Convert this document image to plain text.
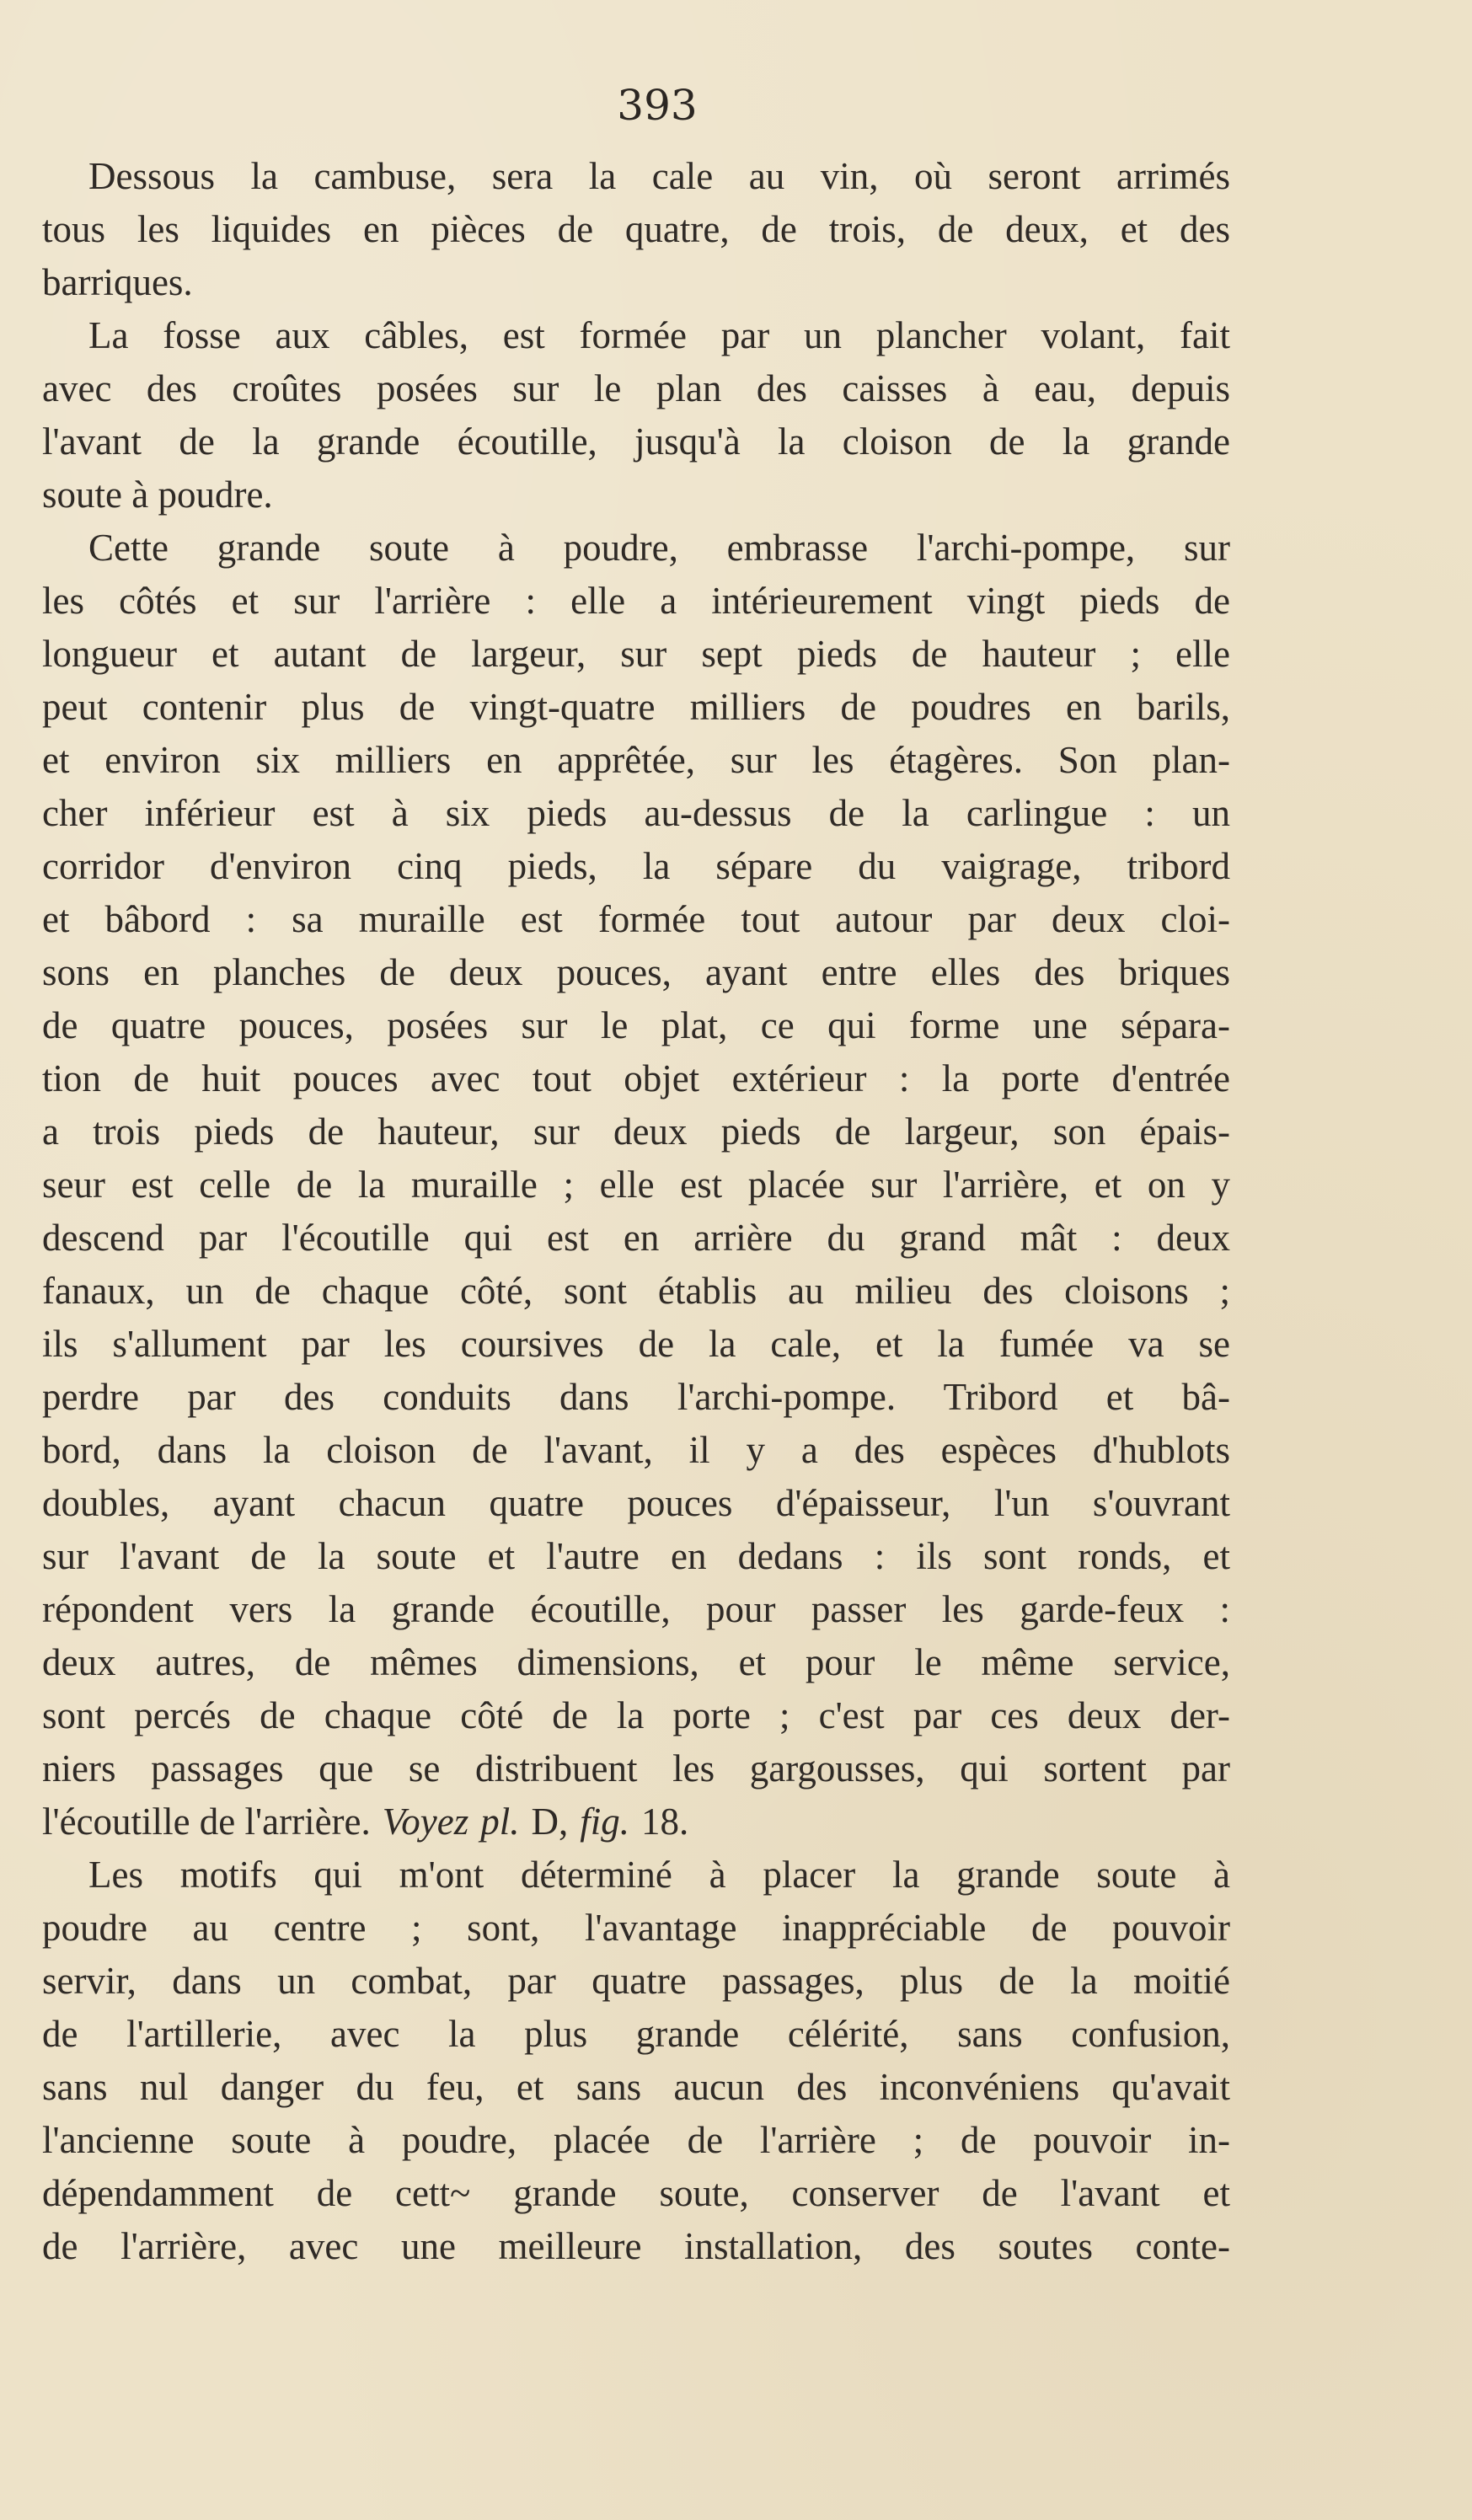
393
Dessous la cambuse, sera la cale au vin, où seront arrimés
tous les liquides en pièces de quatre, de trois, de deux, et des
barriques.
La fosse aux câbles, est formée par un plancher volant, fait
avec des croûtes posées sur le plan des caisses à eau, depuis
l'avant de la grande écoutille, jusqu'à la cloison de la grande
soute à poudre.
Cette grande soute à poudre, embrasse l'archi-pompe, sur
les côtés et sur l'arrière : elle a intérieurement vingt pieds de
longueur et autant de largeur, sur sept pieds de hauteur ; elle
peut contenir plus de vingt-quatre milliers de poudres en barils,
et environ six milliers en apprêtée, sur les étagères. Son plan-
cher inférieur est à six pieds au-dessus de la carlingue : un
corridor d'environ cinq pieds, la sépare du vaigrage, tribord
et bâbord : sa muraille est formée tout autour par deux cloi-
sons en planches de deux pouces, ayant entre elles des briques
de quatre pouces, posées sur le plat, ce qui forme une sépara-
tion de huit pouces avec tout objet extérieur : la porte d'entrée
a trois pieds de hauteur, sur deux pieds de largeur, son épais-
seur est celle de la muraille ; elle est placée sur l'arrière, et on y
descend par l'écoutille qui est en arrière du grand mât : deux
fanaux, un de chaque côté, sont établis au milieu des cloisons ;
ils s'allument par les coursives de la cale, et la fumée va se
perdre par des conduits dans l'archi-pompe. Tribord et bâ-
bord, dans la cloison de l'avant, il y a des espèces d'hublots
doubles, ayant chacun quatre pouces d'épaisseur, l'un s'ouvrant
sur l'avant de la soute et l'autre en dedans : ils sont ronds, et
répondent vers la grande écoutille, pour passer les garde-feux :
deux autres, de mêmes dimensions, et pour le même service,
sont percés de chaque côté de la porte ; c'est par ces deux der-
niers passages que se distribuent les gargousses, qui sortent par
l'écoutille de l'arrière. Voyez pl. D, fig. 18.
Les motifs qui m'ont déterminé à placer la grande soute à
poudre au centre ; sont, l'avantage inappréciable de pouvoir
servir, dans un combat, par quatre passages, plus de la moitié
de l'artillerie, avec la plus grande célérité, sans confusion,
sans nul danger du feu, et sans aucun des inconvéniens qu'avait
l'ancienne soute à poudre, placée de l'arrière ; de pouvoir in-
dépendamment de cett~ grande soute, conserver de l'avant et
de l'arrière, avec une meilleure installation, des soutes conte-
